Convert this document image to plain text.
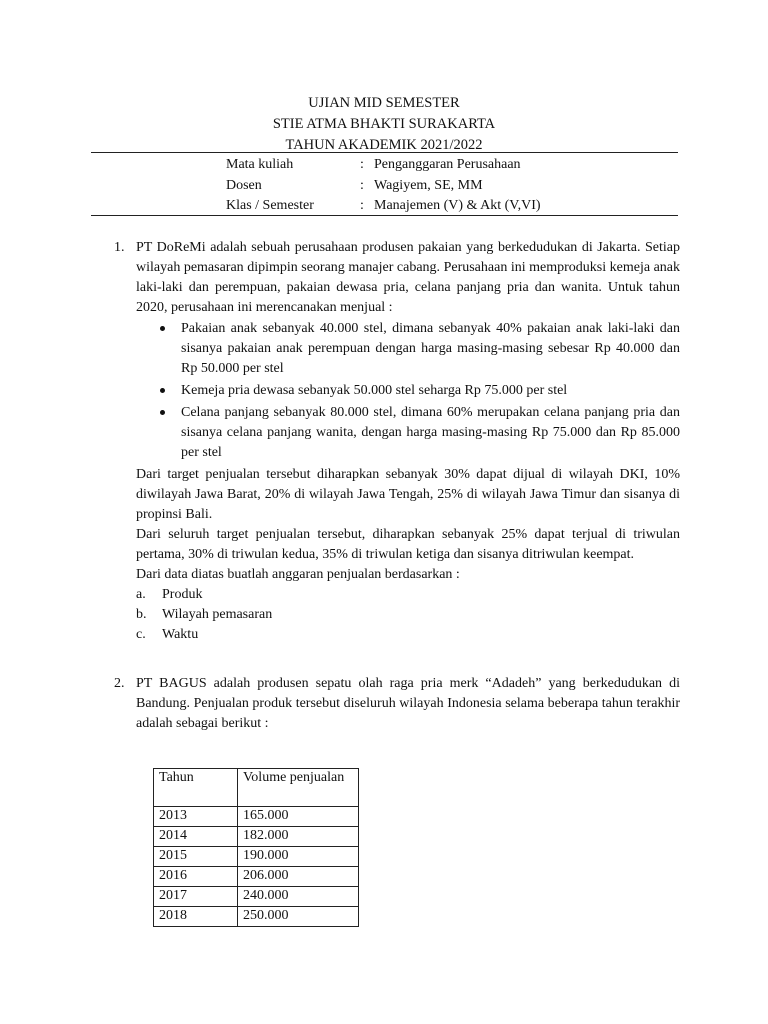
UJIAN MID SEMESTER
STIE ATMA BHAKTI SURAKARTA
TAHUN AKADEMIK 2021/2022
Mata kuliah	: Penganggaran Perusahaan
Dosen	: Wagiyem, SE, MM
Klas / Semester	: Manajemen (V) & Akt (V,VI)
1. PT DoReMi adalah sebuah perusahaan produsen pakaian yang berkedudukan di Jakarta. Setiap wilayah pemasaran dipimpin seorang manajer cabang. Perusahaan ini memproduksi kemeja anak laki-laki dan perempuan, pakaian dewasa pria, celana panjang pria dan wanita. Untuk tahun 2020, perusahaan ini merencanakan menjual :

Pakaian anak sebanyak 40.000 stel, dimana sebanyak 40% pakaian anak laki-laki dan sisanya pakaian anak perempuan dengan harga masing-masing sebesar Rp 40.000 dan Rp 50.000 per stel
Kemeja pria dewasa sebanyak 50.000 stel seharga Rp 75.000 per stel
Celana panjang sebanyak 80.000 stel, dimana 60% merupakan celana panjang pria dan sisanya celana panjang wanita, dengan harga masing-masing Rp 75.000 dan Rp 85.000 per stel

Dari target penjualan tersebut diharapkan sebanyak 30% dapat dijual di wilayah DKI, 10% diwilayah Jawa Barat, 20% di wilayah Jawa Tengah, 25% di wilayah Jawa Timur dan sisanya di propinsi Bali.

Dari seluruh target penjualan tersebut, diharapkan sebanyak 25% dapat terjual di triwulan pertama, 30% di triwulan kedua, 35% di triwulan ketiga dan sisanya ditriwulan keempat.

Dari data diatas buatlah anggaran penjualan berdasarkan :

a.	Produk
b.	Wilayah pemasaran
c.	Waktu
2. PT BAGUS adalah produsen sepatu olah raga pria merk “Adadeh” yang berkedudukan di Bandung. Penjualan produk tersebut diseluruh wilayah Indonesia selama beberapa tahun terakhir adalah sebagai berikut :

Tahun	Volume penjualan
2013	165.000
2014	182.000
2015	190.000
2016	206.000
2017	240.000
2018	250.000
